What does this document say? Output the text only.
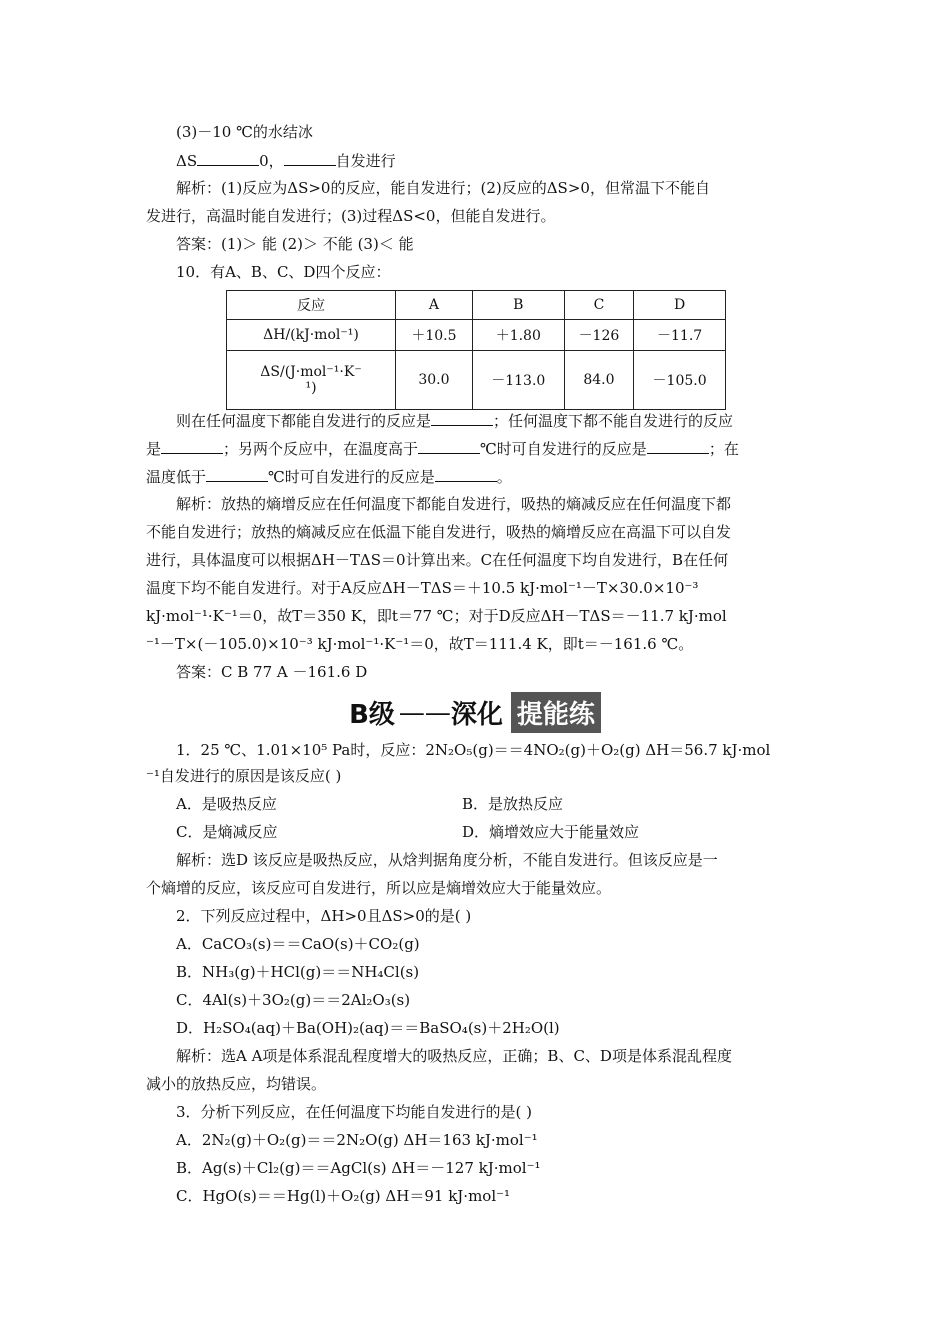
(3)－10 ℃的水结冰
ΔS	0，	自发进行
解析：(1)反应为ΔS>0的反应，能自发进行；(2)反应的ΔS>0，但常温下不能自
发进行，高温时能自发进行；(3)过程ΔS<0，但能自发进行。
答案：(1)＞ 能 (2)＞ 不能 (3)＜ 能
10．有A、B、C、D四个反应：
反应	A	B	C	D
ΔH/(kJ·mol⁻¹)	＋10.5	＋1.80	－126	－11.7

ΔS/(J·mol⁻¹·K⁻
¹)	30.0	－113.0	84.0	－105.0
则在任何温度下都能自发进行的反应是	；任何温度下都不能自发进行的反应
是	；另两个反应中，在温度高于	℃时可自发进行的反应是	；在
温度低于	℃时可自发进行的反应是	。
解析：放热的熵增反应在任何温度下都能自发进行，吸热的熵减反应在任何温度下都
不能自发进行；放热的熵减反应在低温下能自发进行，吸热的熵增反应在高温下可以自发
进行，具体温度可以根据ΔH－TΔS＝0计算出来。C在任何温度下均自发进行，B在任何
温度下均不能自发进行。对于A反应ΔH－TΔS＝＋10.5 kJ·mol⁻¹－T×30.0×10⁻³
kJ·mol⁻¹·K⁻¹＝0，故T＝350 K，即t＝77 ℃；对于D反应ΔH－TΔS＝－11.7 kJ·mol
⁻¹－T×(－105.0)×10⁻³ kJ·mol⁻¹·K⁻¹＝0，故T＝111.4 K，即t＝－161.6 ℃。
答案：C B 77 A －161.6 D
B级 —— 深化 提能练
1．25 ℃、1.01×10⁵ Pa时，反应：2N₂O₅(g)＝＝4NO₂(g)＋O₂(g) ΔH＝56.7 kJ·mol
⁻¹自发进行的原因是该反应( )
A．是吸热反应	B．是放热反应
C．是熵减反应	D．熵增效应大于能量效应
解析：选D 该反应是吸热反应，从焓判据角度分析，不能自发进行。但该反应是一
个熵增的反应，该反应可自发进行，所以应是熵增效应大于能量效应。
2．下列反应过程中，ΔH>0且ΔS>0的是( )
A．CaCO₃(s)＝＝CaO(s)＋CO₂(g)
B．NH₃(g)＋HCl(g)＝＝NH₄Cl(s)
C．4Al(s)＋3O₂(g)＝＝2Al₂O₃(s)
D．H₂SO₄(aq)＋Ba(OH)₂(aq)＝＝BaSO₄(s)＋2H₂O(l)
解析：选A A项是体系混乱程度增大的吸热反应，正确；B、C、D项是体系混乱程度
减小的放热反应，均错误。
3．分析下列反应，在任何温度下均能自发进行的是( )
A．2N₂(g)＋O₂(g)＝＝2N₂O(g) ΔH＝163 kJ·mol⁻¹
B．Ag(s)＋Cl₂(g)＝＝AgCl(s) ΔH＝－127 kJ·mol⁻¹
C．HgO(s)＝＝Hg(l)＋O₂(g) ΔH＝91 kJ·mol⁻¹
